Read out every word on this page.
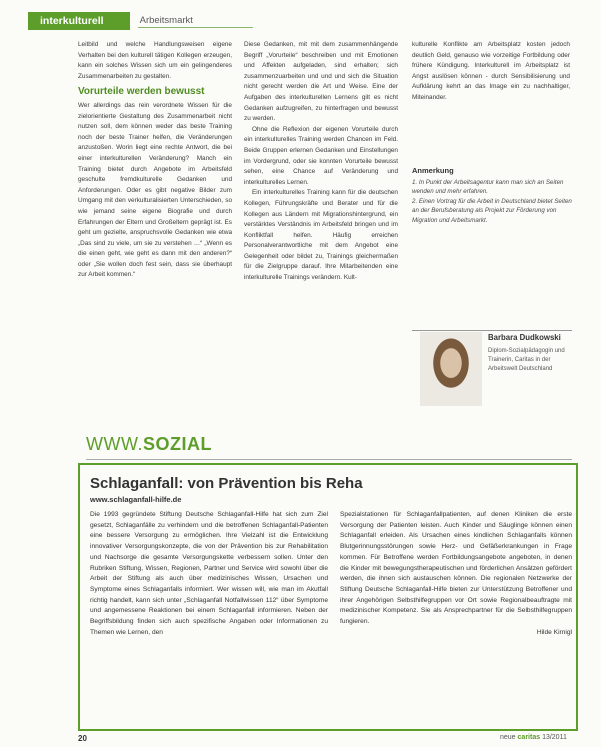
interkulturell	Arbeitsmarkt

Leitbild und welche Handlungsweisen eigene Verhalten bei den kulturell tätigen Kollegen erzeugen, kann ein solches Wissen sich um ein gelingenderes Zusammenarbeiten zu gestalten.

Vorurteile werden bewusst

Wer allerdings das rein verordnete Wissen für die zielorientierte Gestaltung des Zusammenarbeit nicht nutzen soll, dem können weder das beste Training noch der beste Trainer helfen, die Veränderungen anzustoßen. Worin liegt eine rechte Antwort, die bei einer interkulturellen Veränderung? Manch ein Training bietet durch Angebote im Arbeitsfeld geschulte fremdkulturelle Gedanken und Anforderungen. Oder es gibt negative Bilder zum Umgang mit den verkulturalisierten Unterschieden, so wie jemand seine eigene Biografie und durch Erfahrungen der Eltern und Großeltern geprägt ist. Es geht um gezielte, anspruchsvolle Gedanken wie etwa „Das sind zu viele, um sie zu verstehen …“ „Wenn es die einen geht, wie geht es dann mit den anderen?“ oder „Sie wollen doch fest sein, dass sie überhaupt zur Arbeit kommen.“

Diese Gedanken, mit mit dem zusammenhängende Begriff „Vorurteile“ beschreiben und mit Emotionen und Affekten aufgeladen, sind erhalten; sich zusammenzuarbeiten und und und sich die Situation nicht gerecht werden die Art und Weise. Eine der Aufgaben des interkulturellen Lernens gilt es nicht Gedanken aufzugreifen, zu hinterfragen und bewusst zu werden.

Ohne die Reflexion der eigenen Vorurteile durch ein interkulturelles Training werden Chancen im Feld. Beide Gruppen erlernen Gedanken und Einstellungen im Vordergrund, oder sie konnten Vorurteile bewusst sehen, eine Chance auf Veränderung und interkulturelles Lernen.

Ein interkulturelles Training kann für die deutschen Kollegen, Führungskräfte und Berater und für die Kollegen aus Ländern mit Migrationshintergrund, ein verstärktes Verständnis im Arbeitsfeld bringen und im Konfliktfall helfen. Häufig erreichen Personalverantwortliche mit dem Angebot eine Gelegenheit oder bildet zu, Trainings gleichermaßen für die Zielgruppe darauf. Ihre Mitarbeitenden eine interkulturelle Trainings verändern. Kult-

kulturelle Konflikte am Arbeitsplatz kosten jedoch deutlich Geld, genauso wie vorzeitige Fortbildung oder frühere Kündigung. Interkulturell im Arbeitsplatz ist Angst auslösen können - durch Sensibilisierung und Aufklärung kehrt an das Image ein zu nachhaltiger, Miteinander.

Anmerkung
1. In Punkt der Arbeitsagentur kann man sich an Seiten wenden und mehr erfahren.
2. Einen Vortrag für die Arbeit in Deutschland bietet Seiten an der Berufsberatung als Projekt zur Förderung von Migration und Arbeitsmarkt.
Barbara Dudkowski
Diplom-Sozialpädagogin und Trainerin, Caritas in der Arbeitswelt Deutschland
WWW.SOZIAL
Schlaganfall: von Prävention bis Reha
www.schlaganfall-hilfe.de

Die 1993 gegründete Stiftung Deutsche Schlaganfall-Hilfe hat sich zum Ziel gesetzt, Schlaganfälle zu verhindern und die betroffenen Schlaganfall-Patienten eine bessere Versorgung zu ermöglichen. Ihre Vielzahl ist die Entwicklung innovativer Versorgungskonzepte, die von der Prävention bis zur Rehabilitation und Nachsorge die gesamte Versorgungskette verbessern sollen. Unter den Rubriken Stiftung, Wissen, Regionen, Partner und Service wird sowohl über die Arbeit der Stiftung als auch über medizinisches Wissen, Ursachen und Symptome eines Schlaganfalls informiert. Wer wissen will, wie man im Akutfall richtig handelt, kann sich unter „Schlaganfall Notfallwissen 112“ über Symptome und angemessene Reaktionen bei einem Schlaganfall informieren. Neben der Begriffsbildung finden sich auch spezifische Angaben oder Informationen zu Themen wie Lernen, den

Spezialstationen für Schlaganfallpatienten, auf denen Kliniken die erste Versorgung der Patienten leisten. Auch Kinder und Säuglinge können einen Schlaganfall erleiden. Als Ursachen eines kindlichen Schlaganfalls können Blutgerinnungsstörungen sowie Herz- und Gefäßerkrankungen in Frage kommen. Für Betroffene werden Fortbildungsangebote angeboten, in denen die Kinder mit bewegungstherapeutischen und förderlichen Ansätzen gefördert werden, die ihnen sich austauschen können. Die regionalen Netzwerke der Stiftung Deutsche Schlaganfall-Hilfe bieten zur Unterstützung Betroffener und ihrer Angehörigen Selbsthilfegruppen vor Ort sowie Regionalbeauftragte mit medizinischer Kompetenz. Sie als Ansprechpartner für die Selbsthilfegruppen fungieren.

Hilde Kirnigl
20	neue caritas 13/2011
